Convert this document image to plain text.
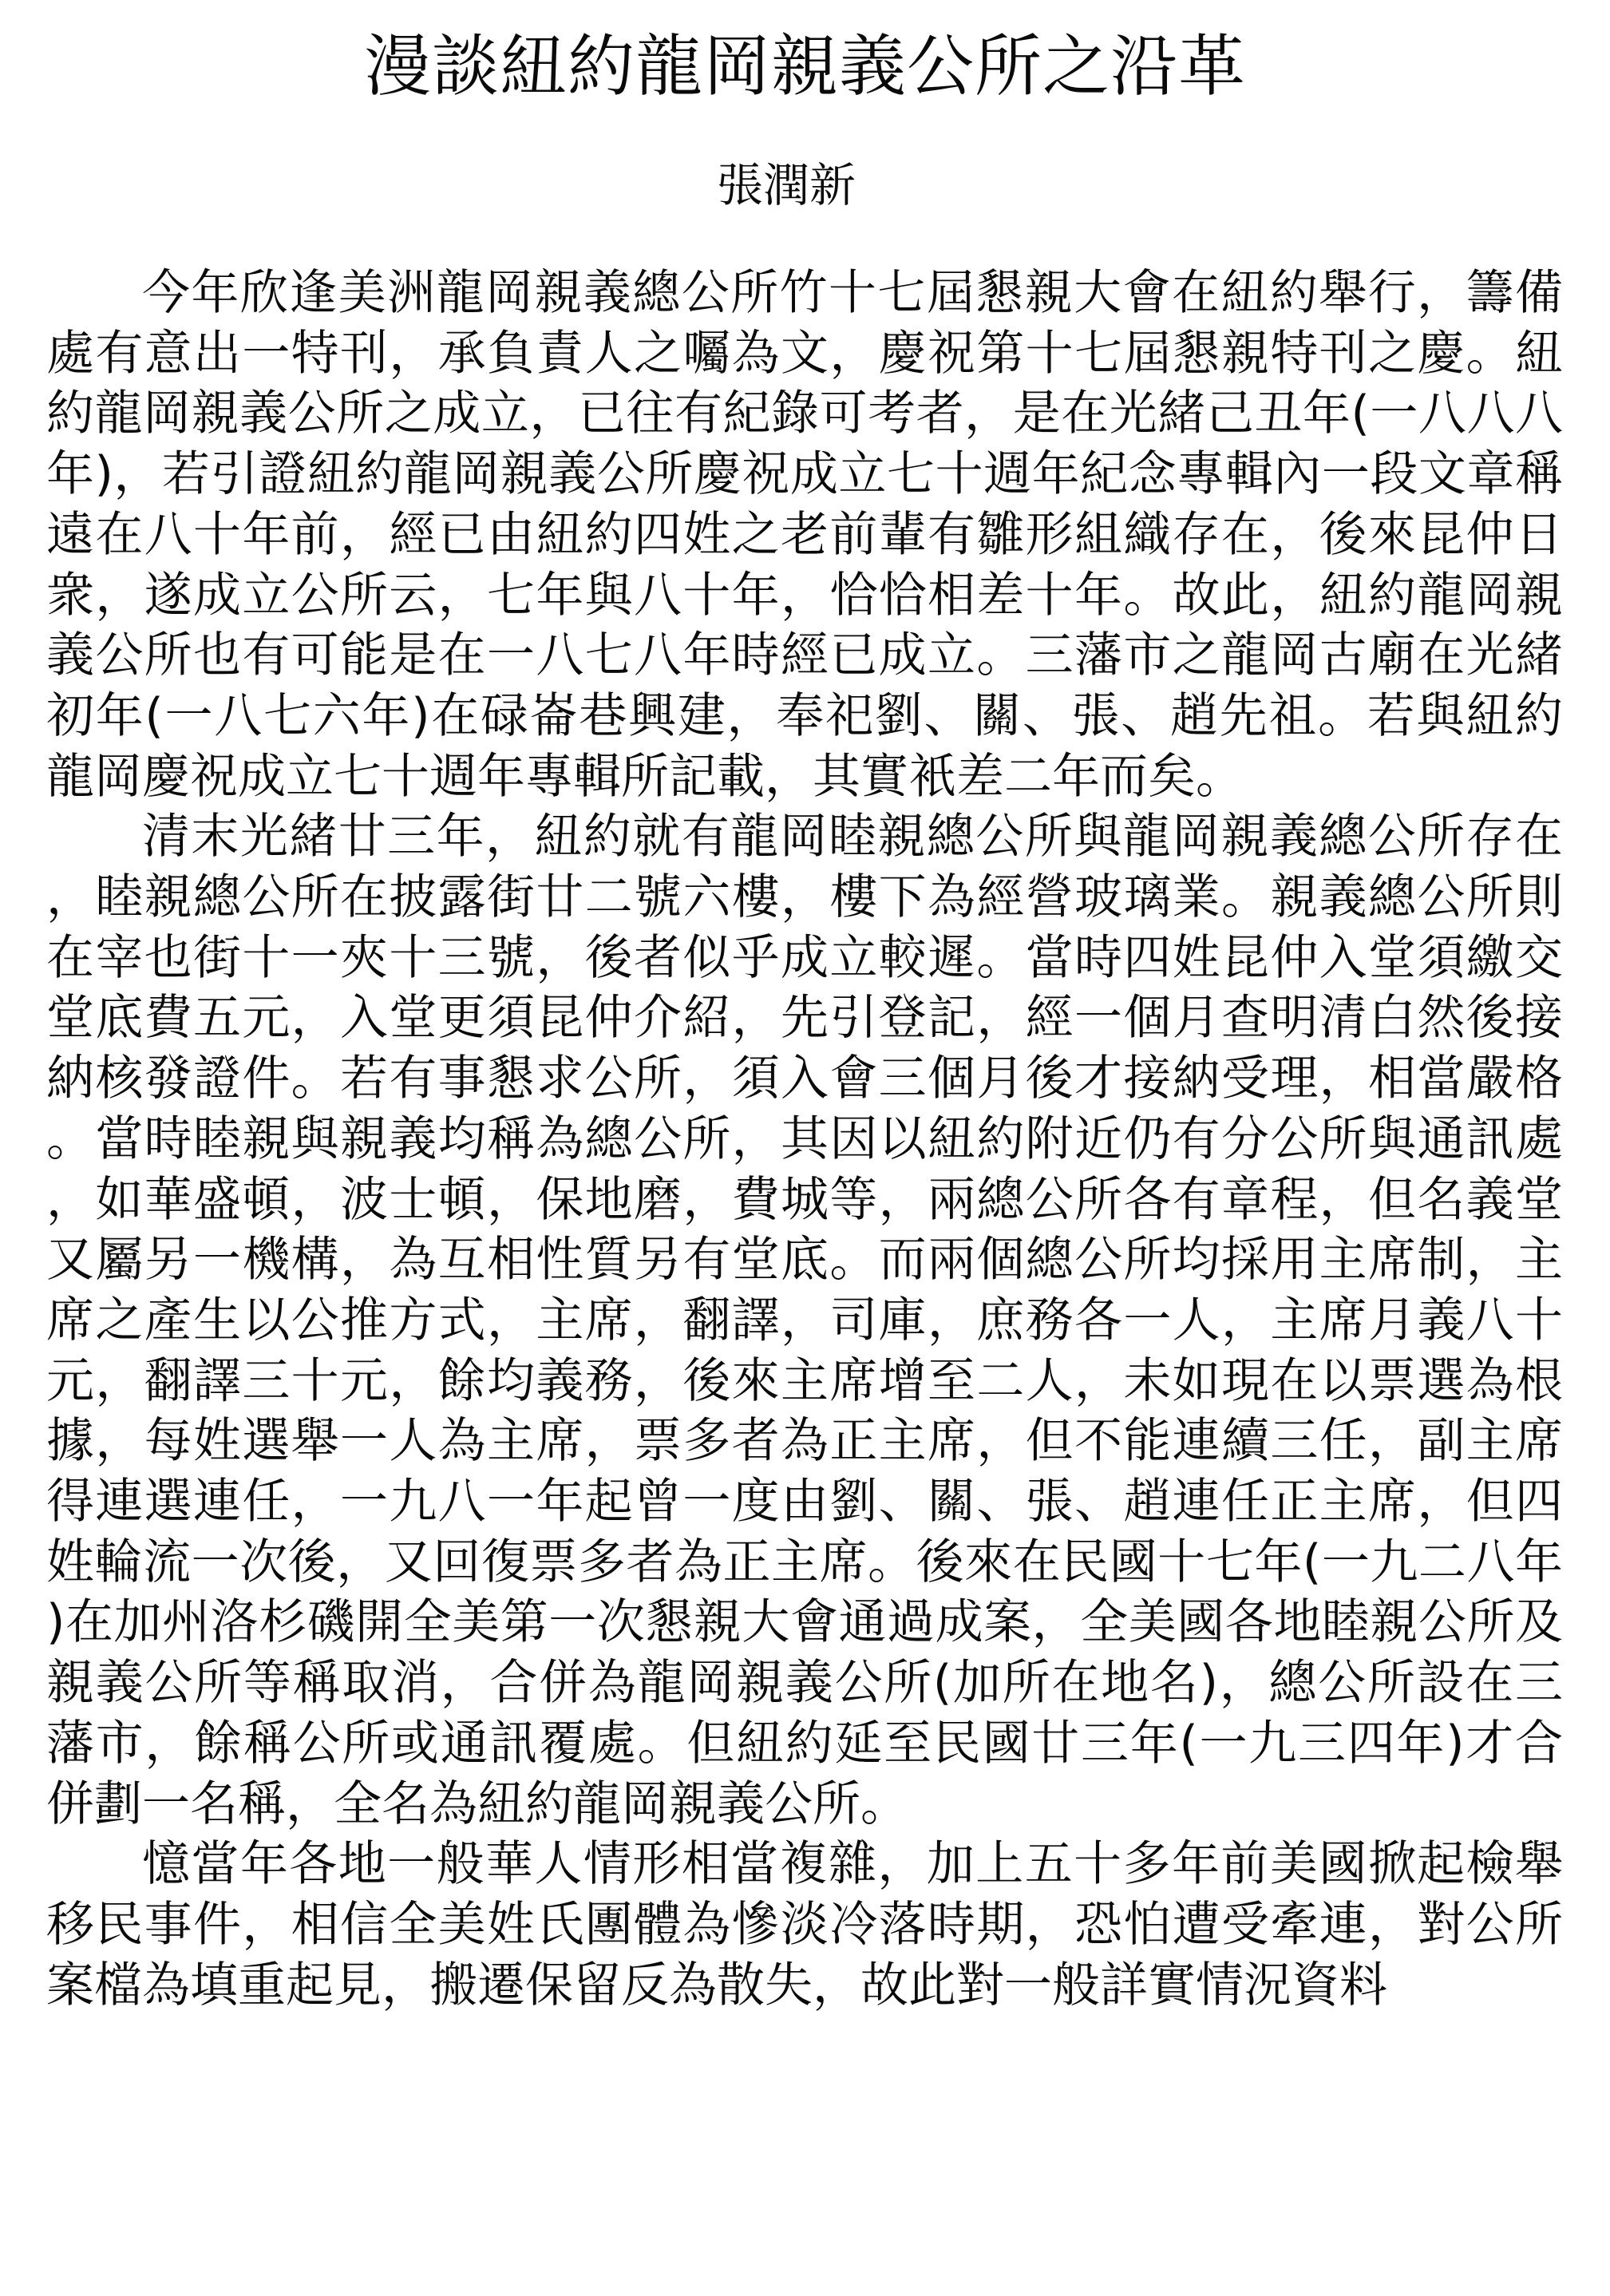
漫談紐約龍岡親義公所之沿革
張潤新

今年欣逢美洲龍岡親義總公所竹十七屆懇親大會在紐約舉行，籌備處有意出一特刊，承負責人之囑為文，慶祝第十七屆懇親特刊之慶。紐約龍岡親義公所之成立，已往有紀錄可考者，是在光緒己丑年(一八八八年)，若引證紐約龍岡親義公所慶祝成立七十週年紀念專輯內一段文章稱遠在八十年前，經已由紐約四姓之老前輩有雛形組織存在，後來昆仲日衆，遂成立公所云，七年與八十年，恰恰相差十年。故此，紐約龍岡親義公所也有可能是在一八七八年時經已成立。三藩市之龍岡古廟在光緒初年(一八七六年)在碌崙巷興建，奉祀劉、關、張、趙先祖。若與紐約龍岡慶祝成立七十週年專輯所記載，其實衹差二年而矣。

清末光緒廿三年，紐約就有龍岡睦親總公所與龍岡親義總公所存在，睦親總公所在披露街廿二號六樓，樓下為經營玻璃業。親義總公所則在宰也街十一夾十三號，後者似乎成立較遲。當時四姓昆仲入堂須繳交堂底費五元，入堂更須昆仲介紹，先引登記，經一個月查明清白然後接納核發證件。若有事懇求公所，須入會三個月後才接納受理，相當嚴格。當時睦親與親義均稱為總公所，其因以紐約附近仍有分公所與通訊處，如華盛頓，波士頓，保地磨，費城等，兩總公所各有章程，但名義堂又屬另一機構，為互相性質另有堂底。而兩個總公所均採用主席制，主席之產生以公推方式，主席，翻譯，司庫，庶務各一人，主席月義八十元，翻譯三十元，餘均義務，後來主席增至二人，未如現在以票選為根據，每姓選舉一人為主席，票多者為正主席，但不能連續三任，副主席得連選連任，一九八一年起曾一度由劉、關、張、趙連任正主席，但四姓輪流一次後，又回復票多者為正主席。後來在民國十七年(一九二八年)在加州洛杉磯開全美第一次懇親大會通過成案，全美國各地睦親公所及親義公所等稱取消，合併為龍岡親義公所(加所在地名)，總公所設在三藩市，餘稱公所或通訊覆處。但紐約延至民國廿三年(一九三四年)才合併劃一名稱，全名為紐約龍岡親義公所。

憶當年各地一般華人情形相當複雜，加上五十多年前美國掀起檢舉移民事件，相信全美姓氏團體為慘淡冷落時期，恐怕遭受牽連，對公所案檔為填重起見，搬遷保留反為散失，故此對一般詳實情況資料
